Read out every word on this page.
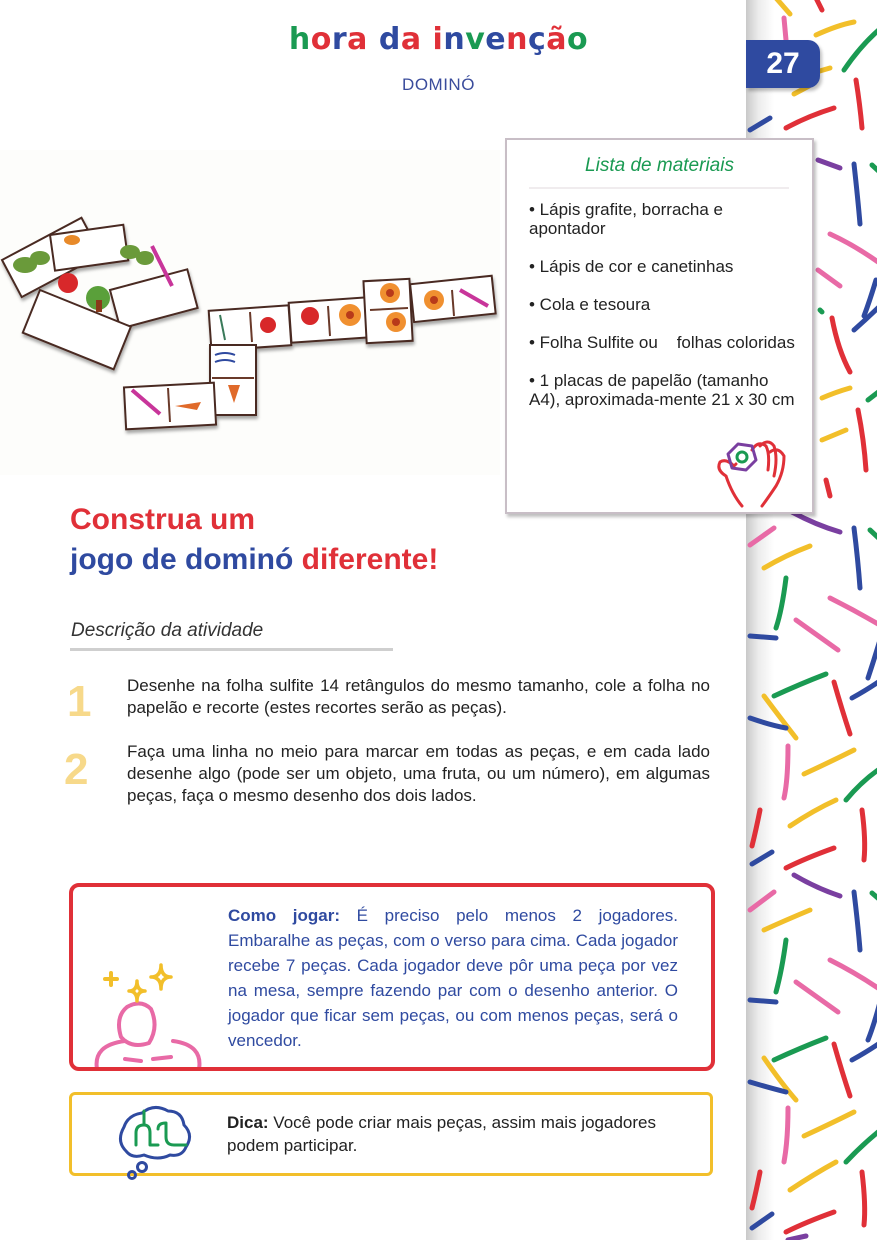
27
hora da invenção
DOMINÓ
Lista de materiais
• Lápis grafite, borracha e apontador
• Lápis de cor e canetinhas
• Cola e tesoura
• Folha Sulfite ou    folhas coloridas
• 1 placas de papelão (tamanho A4), aproximada-mente 21 x 30 cm
Construa um
jogo de dominó diferente!
Descrição da atividade
1 Desenhe na folha sulfite 14 retângulos do mesmo tamanho, cole a folha no papelão e recorte (estes recortes serão as peças).
2 Faça uma linha no meio para marcar em todas as peças, e em cada lado desenhe algo (pode ser um objeto, uma fruta, ou um número), em algumas peças, faça o mesmo desenho dos dois lados.
Como jogar: É preciso pelo menos 2 jogadores. Embaralhe as peças, com o verso para cima. Cada jogador recebe 7 peças. Cada jogador deve pôr uma peça por vez na mesa, sempre fazendo par com o desenho anterior. O jogador que ficar sem peças, ou com menos peças, será o vencedor.
Dica: Você pode criar mais peças, assim mais jogadores podem participar.
